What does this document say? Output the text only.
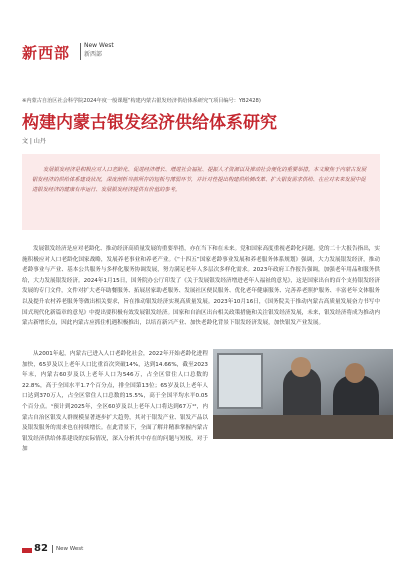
新西部 New West
新西部
※内蒙古自治区社会科学院2024年度一般课题“构建内蒙古银发经济供给体系研究”(项目编号：YB2428)
构建内蒙古银发经济供给体系研究
文 | 山丹

发展银发经济是积极应对人口老龄化、促进经济增长、增进社会福祉、提振人才资源以及推动社会便化的重要举措。本文聚焦于内蒙古发展银发经济的供给体系建设状况，深度剖析当前所存的短板与薄弱环节，并针对性提出构建供给侧改革、扩大银发需求供给、在应对未来发展中促进银发经济的健康有序运行、发展银发经济提供有价值的参考。

发展银发经济是应对老龄化、推动经济高质量发展的重要举措，亦在当下和在未来。党和国家高度重视老龄化问题。党的二十大报告指出，实施积极应对人口老龄化国家战略，发展养老事业和养老产业。《“十四五”国家老龄事业发展和养老服务体系规划》强调，大力发展银发经济，推动老龄事业与产业、基本公共服务与多样化服务协调发展，努力满足老年人多层次多样化需求。2023年政府工作报告强调，加强老年用品和服务供给，大力发展银发经济。2024年1月15日，国务院办公厅印发了《关于发展银发经济增进老年人福祉的意见》，这是国家出台的首个支持银发经济发展的专门文件，文件对扩大老年助餐服务、拓展居家助老服务、发展社区便民服务、优化老年健康服务、完善养老照护服务、丰富老年文体服务以及提升农村养老服务等做出相关要求，旨在推动银发经济实现高质量发展。2023年10月16日，《国务院关于推动内蒙古高质量发展奋力书写中国式现代化新篇章的意见》中提出要积极有效发展银发经济。国家和自治区出台相关政策措施和关注银发经济发展，未来，银发经济将成为推动内蒙古新增长点，因此内蒙古应抓住机遇积极推出，以培育新兴产业、加快老龄化背景下银发经济发展，加快银发产业发展。

从2001年起，内蒙古已进入人口老龄化社会，2022年开始老龄化进程加快，65岁及以上老年人口比重首次突破14%，达到14.66%，截至2023年末，内蒙古60岁及以上老年人口为546万，占全区常住人口总数的22.8%，高于全国水平1.7个百分点，排全国第13位；65岁及以上老年人口达到370万人，占全区常住人口总数的15.5%，高于全国平均水平0.05个百分点。¹预计到2025年，全区60岁及以上老年人口将达到67万¹²，内蒙古自治区银发人群规模显著逐步扩大趋势，其对于银发产业、银发产品以及银发服务的需求也在持续增长。在此背景下，全面了解并精准掌握内蒙古银发经济供给体系建设的实际情况，深入分析其中存在的问题与短板，对于加

82 New West
